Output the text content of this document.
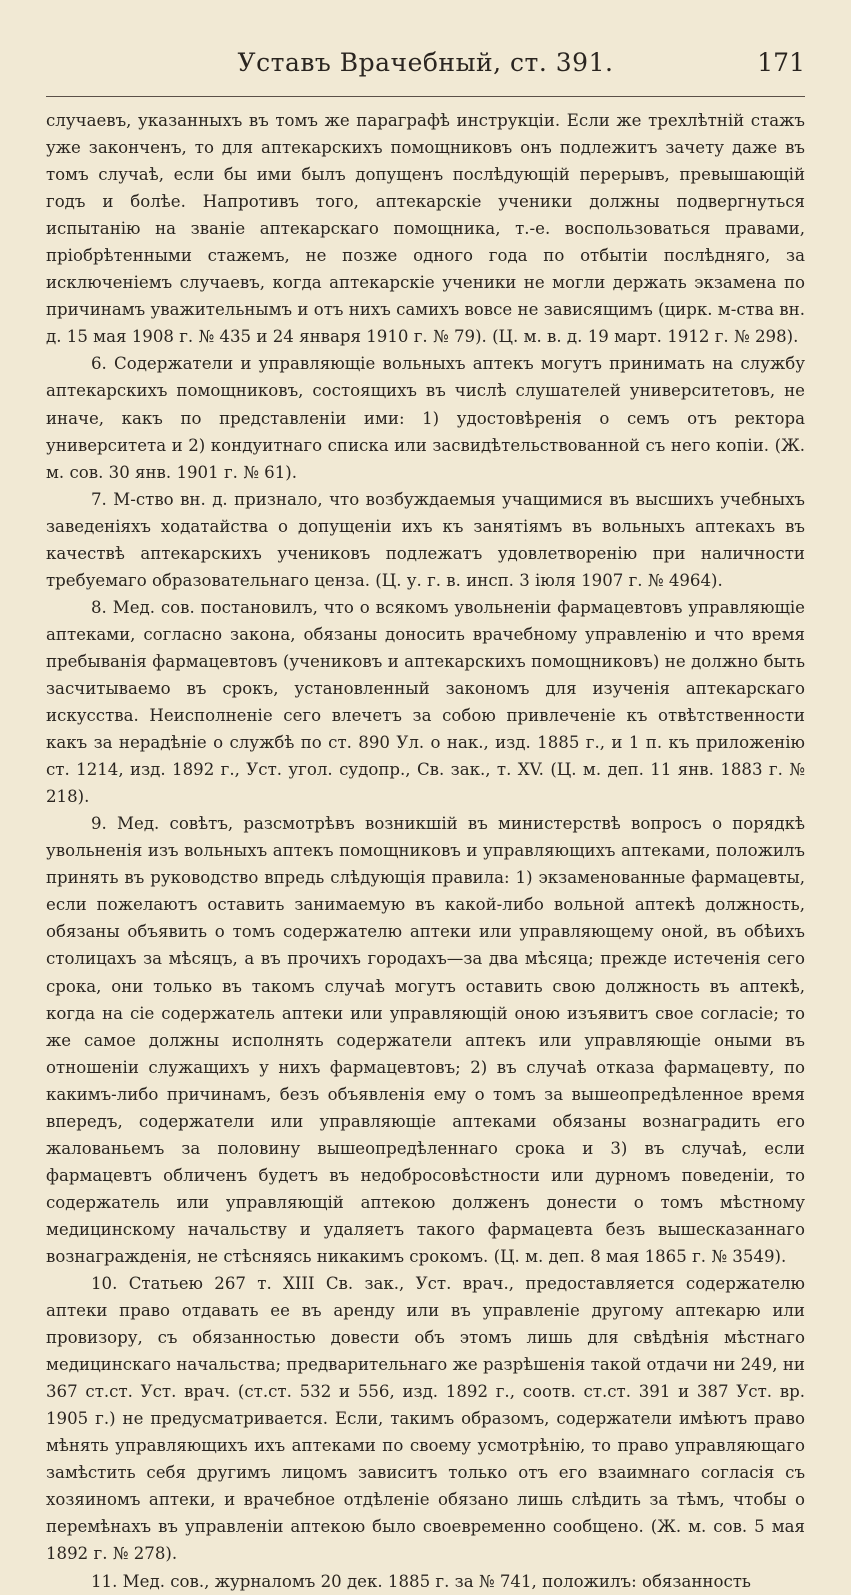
Уставъ Врачебный, ст. 391.	171

случаевъ, указанныхъ въ томъ же параграфѣ инструкціи. Если же трехлѣтній стажъ уже законченъ, то для аптекарскихъ помощниковъ онъ подлежитъ зачету даже въ томъ случаѣ, если бы ими былъ допущенъ послѣдующій перерывъ, превышающій годъ и болѣе. Напротивъ того, аптекарскіе ученики должны подвергнуться испытанію на званіе аптекарскаго помощника, т.-е. воспользоваться правами, пріобрѣтенными стажемъ, не позже одного года по отбытіи послѣдняго, за исключеніемъ случаевъ, когда аптекарскіе ученики не могли держать экзамена по причинамъ уважительнымъ и отъ нихъ самихъ вовсе не зависящимъ (цирк. м-ства вн. д. 15 мая 1908 г. № 435 и 24 января 1910 г. № 79). (Ц. м. в. д. 19 март. 1912 г. № 298).

6. Содержатели и управляющіе вольныхъ аптекъ могутъ принимать на службу аптекарскихъ помощниковъ, состоящихъ въ числѣ слушателей университетовъ, не иначе, какъ по представленіи ими: 1) удостовѣренія о семъ отъ ректора университета и 2) кондуитнаго списка или засвидѣтельствованной съ него копіи. (Ж. м. сов. 30 янв. 1901 г. № 61).

7. М-ство вн. д. признало, что возбуждаемыя учащимися въ высшихъ учебныхъ заведеніяхъ ходатайства о допущеніи ихъ къ занятіямъ въ вольныхъ аптекахъ въ качествѣ аптекарскихъ учениковъ подлежатъ удовлетворенію при наличности требуемаго образовательнаго ценза. (Ц. у. г. в. инсп. 3 іюля 1907 г. № 4964).

8. Мед. сов. постановилъ, что о всякомъ увольненіи фармацевтовъ управляющіе аптеками, согласно закона, обязаны доносить врачебному управленію и что время пребыванія фармацевтовъ (учениковъ и аптекарскихъ помощниковъ) не должно быть засчитываемо въ срокъ, установленный закономъ для изученія аптекарскаго искусства. Неисполненіе сего влечетъ за собою привлеченіе къ отвѣтственности какъ за нерадѣніе о службѣ по ст. 890 Ул. о нак., изд. 1885 г., и 1 п. къ приложенію ст. 1214, изд. 1892 г., Уст. угол. судопр., Св. зак., т. XV. (Ц. м. деп. 11 янв. 1883 г. № 218).

9. Мед. совѣтъ, разсмотрѣвъ возникшій въ министерствѣ вопросъ о порядкѣ увольненія изъ вольныхъ аптекъ помощниковъ и управляющихъ аптеками, положилъ принять въ руководство впредь слѣдующія правила: 1) экзаменованные фармацевты, если пожелаютъ оставить занимаемую въ какой-либо вольной аптекѣ должность, обязаны объявить о томъ содержателю аптеки или управляющему оной, въ обѣихъ столицахъ за мѣсяцъ, а въ прочихъ городахъ—за два мѣсяца; прежде истеченія сего срока, они только въ такомъ случаѣ могутъ оставить свою должность въ аптекѣ, когда на сіе содержатель аптеки или управляющій оною изъявитъ свое согласіе; то же самое должны исполнять содержатели аптекъ или управляющіе оными въ отношеніи служащихъ у нихъ фармацевтовъ; 2) въ случаѣ отказа фармацевту, по какимъ-либо причинамъ, безъ объявленія ему о томъ за вышеопредѣленное время впередъ, содержатели или управляющіе аптеками обязаны вознаградить его жалованьемъ за половину вышеопредѣленнаго срока и 3) въ случаѣ, если фармацевтъ обличенъ будетъ въ недобросовѣстности или дурномъ поведеніи, то содержатель или управляющій аптекою долженъ донести о томъ мѣстному медицинскому начальству и удаляетъ такого фармацевта безъ вышесказаннаго вознагражденія, не стѣсняясь никакимъ срокомъ. (Ц. м. деп. 8 мая 1865 г. № 3549).

10. Статьею 267 т. XIII Св. зак., Уст. врач., предоставляется содержателю аптеки право отдавать ее въ аренду или въ управленіе другому аптекарю или провизору, съ обязанностью довести объ этомъ лишь для свѣдѣнія мѣстнаго медицинскаго начальства; предварительнаго же разрѣшенія такой отдачи ни 249, ни 367 ст.ст. Уст. врач. (ст.ст. 532 и 556, изд. 1892 г., соотв. ст.ст. 391 и 387 Уст. вр. 1905 г.) не предусматривается. Если, такимъ образомъ, содержатели имѣютъ право мѣнять управляющихъ ихъ аптеками по своему усмотрѣнію, то право управляющаго замѣстить себя другимъ лицомъ зависитъ только отъ его взаимнаго согласія съ хозяиномъ аптеки, и врачебное отдѣленіе обязано лишь слѣдить за тѣмъ, чтобы о перемѣнахъ въ управленіи аптекою было своевременно сообщено. (Ж. м. сов. 5 мая 1892 г. № 278).

11. Мед. сов., журналомъ 20 дек. 1885 г. за № 741, положилъ: обязанность
